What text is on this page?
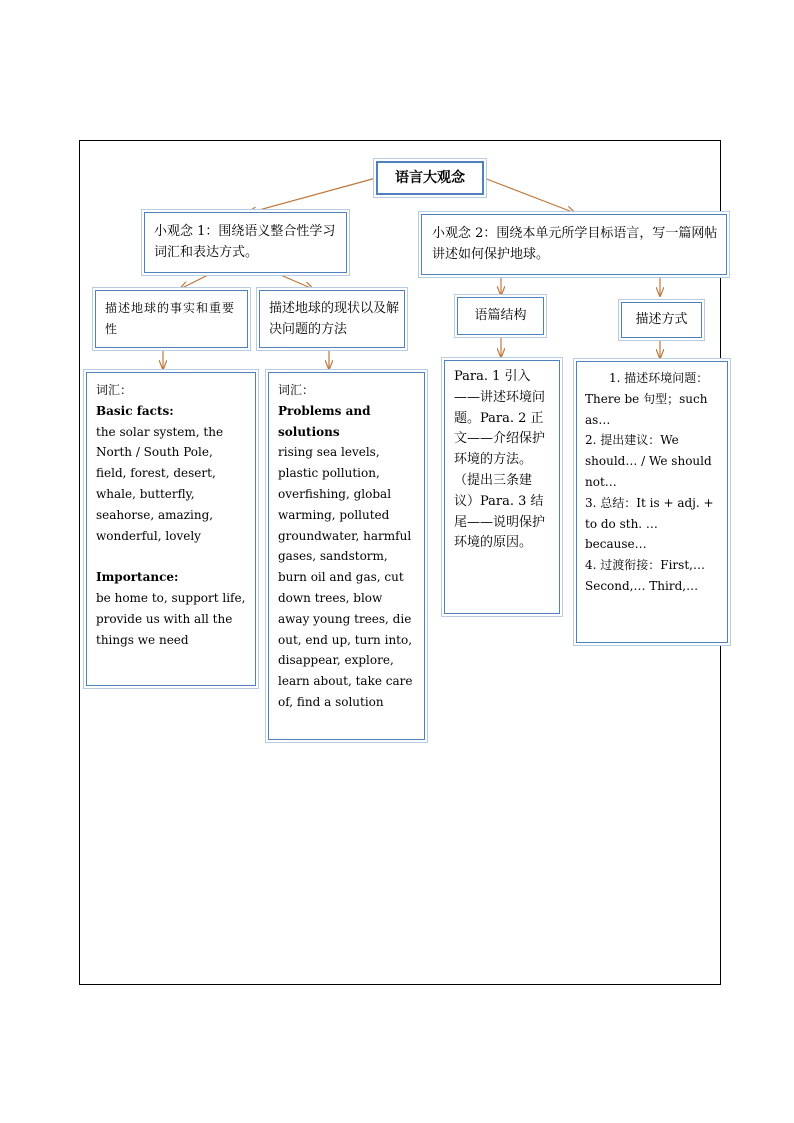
语言大观念
小观念 1：围绕语义整合性学习词汇和表达方式。
小观念 2：围绕本单元所学目标语言，写一篇网帖讲述如何保护地球。
描述地球的事实和重要性
描述地球的现状以及解决问题的方法
语篇结构	描述方式
词汇：
Basic facts:
the solar system, the North / South Pole, field, forest, desert, whale, butterfly, seahorse, amazing, wonderful, lovely
Importance:
be home to, support life, provide us with all the things we need
词汇：
Problems and solutions
rising sea levels, plastic pollution, overfishing, global warming, polluted groundwater, harmful gases, sandstorm, burn oil and gas, cut down trees, blow away young trees, die out, end up, turn into, disappear, explore, learn about, take care of, find a solution
Para. 1 引入——讲述环境问题。Para. 2 正文——介绍保护环境的方法。（提出三条建议）Para. 3 结尾——说明保护环境的原因。
1. 描述环境问题：There be 句型；such as…
2. 提出建议：We should… / We should not…
3. 总结：It is + adj. + to do sth. …because…
4. 过渡衔接：First,… Second,… Third,…
